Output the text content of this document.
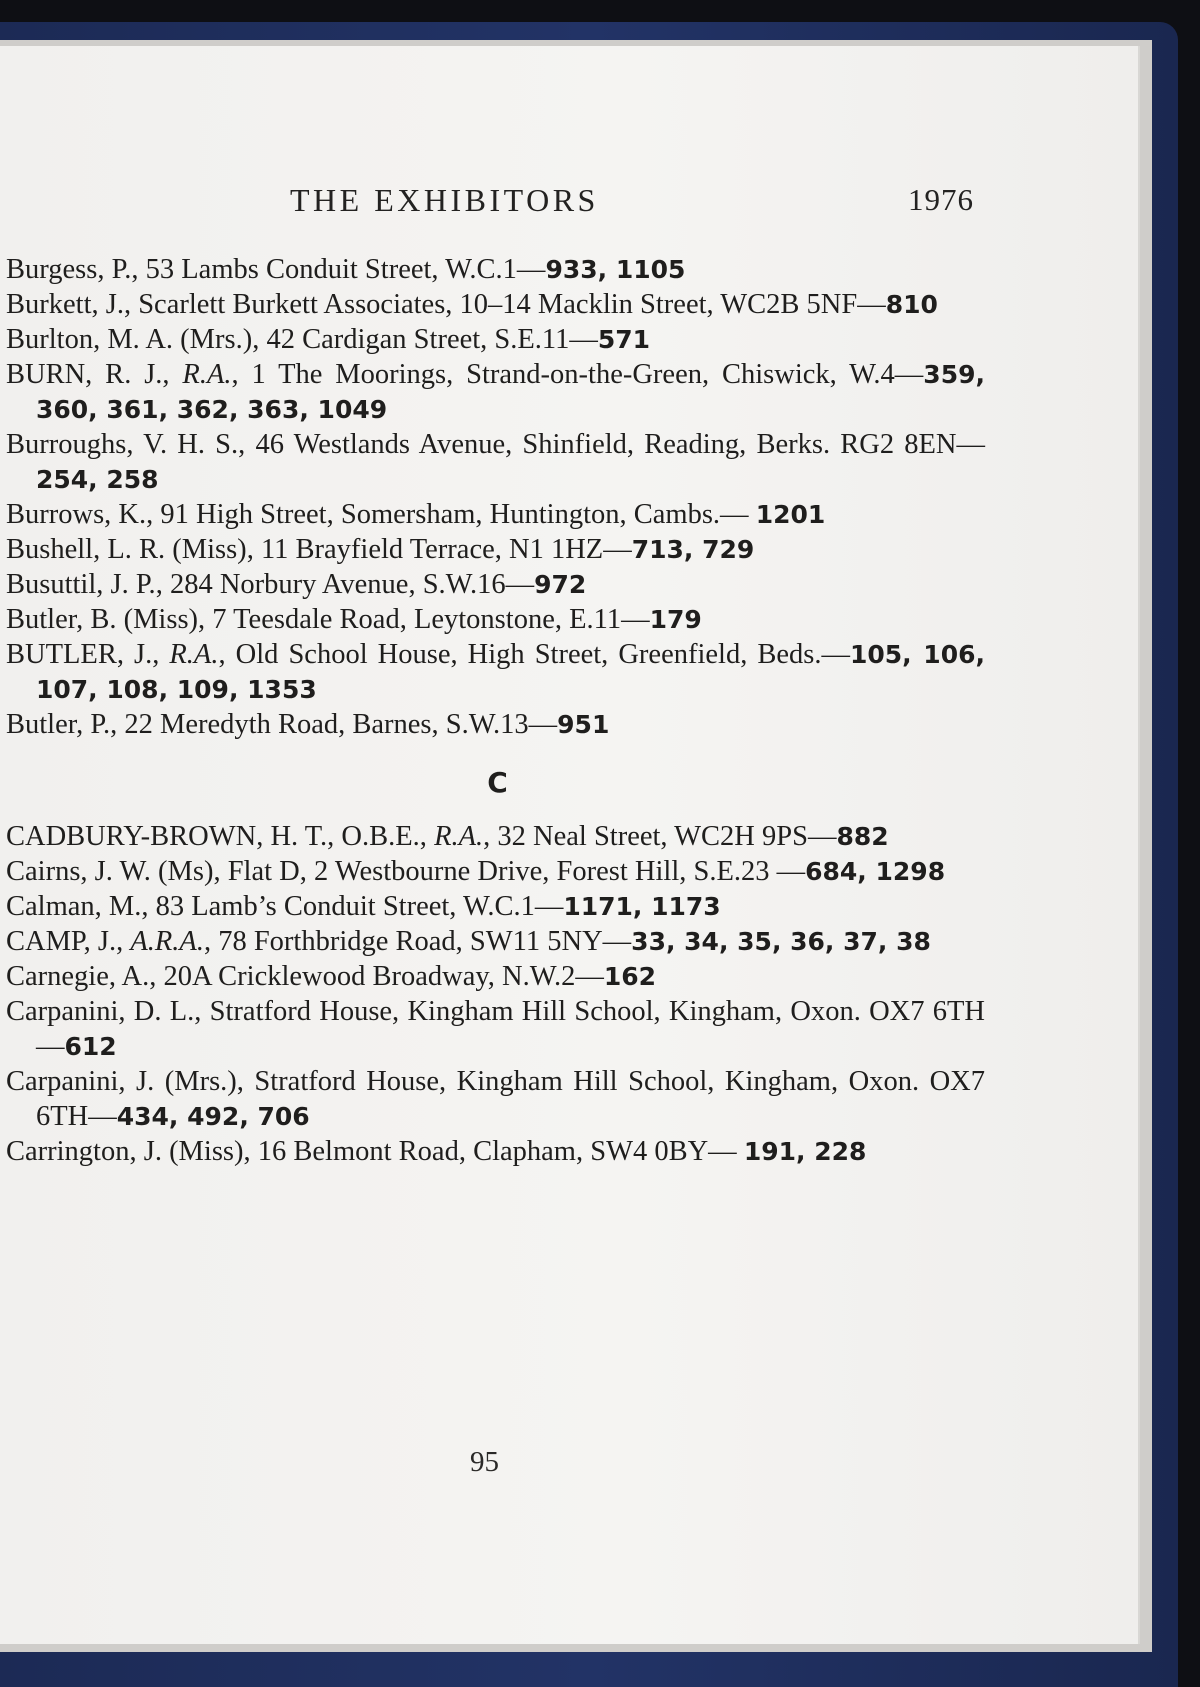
THE EXHIBITORS	1976
Burgess, P., 53 Lambs Conduit Street, W.C.1—933, 1105
Burkett, J., Scarlett Burkett Associates, 10–14 Macklin Street, WC2B 5NF—810
Burlton, M. A. (Mrs.), 42 Cardigan Street, S.E.11—571
BURN, R. J., R.A., 1 The Moorings, Strand-on-the-Green, Chiswick, W.4—359, 360, 361, 362, 363, 1049
Burroughs, V. H. S., 46 Westlands Avenue, Shinfield, Reading, Berks. RG2 8EN—254, 258
Burrows, K., 91 High Street, Somersham, Huntington, Cambs.— 1201
Bushell, L. R. (Miss), 11 Brayfield Terrace, N1 1HZ—713, 729
Busuttil, J. P., 284 Norbury Avenue, S.W.16—972
Butler, B. (Miss), 7 Teesdale Road, Leytonstone, E.11—179
BUTLER, J., R.A., Old School House, High Street, Greenfield, Beds.—105, 106, 107, 108, 109, 1353
Butler, P., 22 Meredyth Road, Barnes, S.W.13—951
C
CADBURY-BROWN, H. T., O.B.E., R.A., 32 Neal Street, WC2H 9PS—882
Cairns, J. W. (Ms), Flat D, 2 Westbourne Drive, Forest Hill, S.E.23 —684, 1298
Calman, M., 83 Lamb’s Conduit Street, W.C.1—1171, 1173
CAMP, J., A.R.A., 78 Forthbridge Road, SW11 5NY—33, 34, 35, 36, 37, 38
Carnegie, A., 20A Cricklewood Broadway, N.W.2—162
Carpanini, D. L., Stratford House, Kingham Hill School, Kingham, Oxon. OX7 6TH—612
Carpanini, J. (Mrs.), Stratford House, Kingham Hill School, Kingham, Oxon. OX7 6TH—434, 492, 706
Carrington, J. (Miss), 16 Belmont Road, Clapham, SW4 0BY— 191, 228
95
